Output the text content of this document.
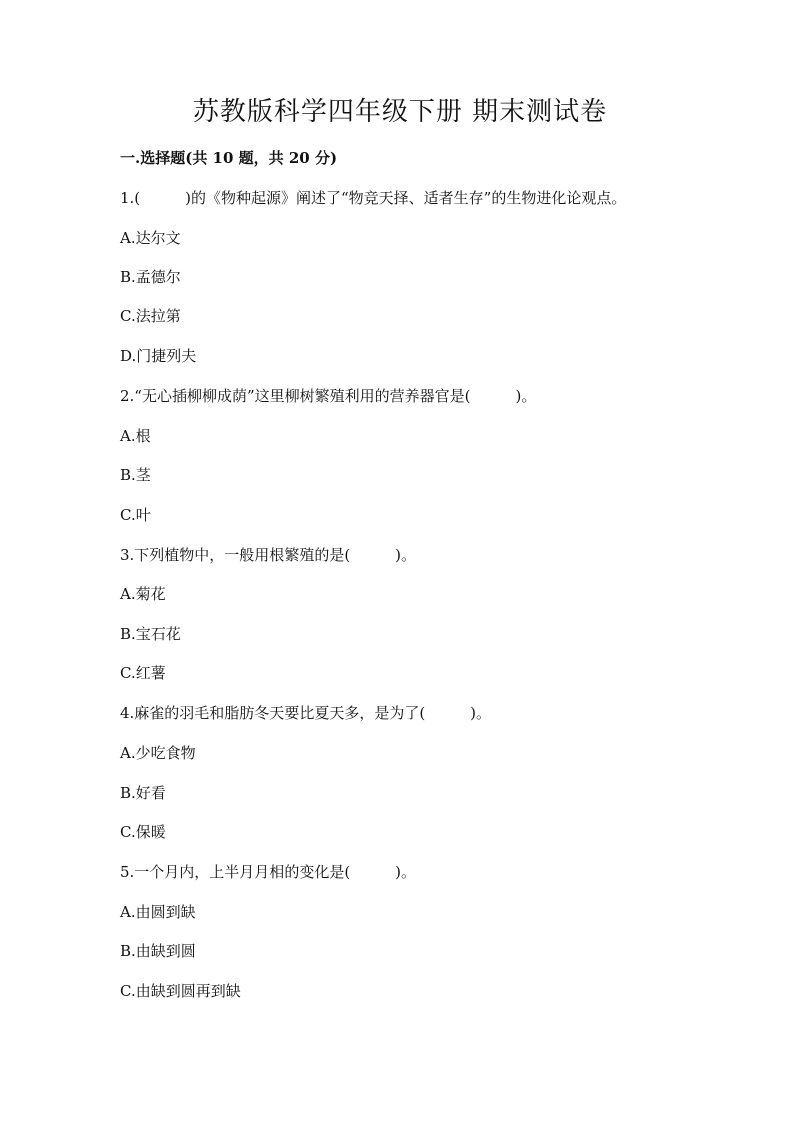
苏教版科学四年级下册 期末测试卷

一.选择题(共 10 题，共 20 分)

1.(　　　)的《物种起源》阐述了“物竞天择、适者生存”的生物进化论观点。

A.达尔文

B.孟德尔

C.法拉第

D.门捷列夫

2.“无心插柳柳成荫”这里柳树繁殖利用的营养器官是(　　　)。

A.根

B.茎

C.叶

3.下列植物中，一般用根繁殖的是(　　　)。

A.菊花

B.宝石花

C.红薯

4.麻雀的羽毛和脂肪冬天要比夏天多，是为了(　　　)。

A.少吃食物

B.好看

C.保暖

5.一个月内，上半月月相的变化是(　　　)。

A.由圆到缺

B.由缺到圆

C.由缺到圆再到缺
